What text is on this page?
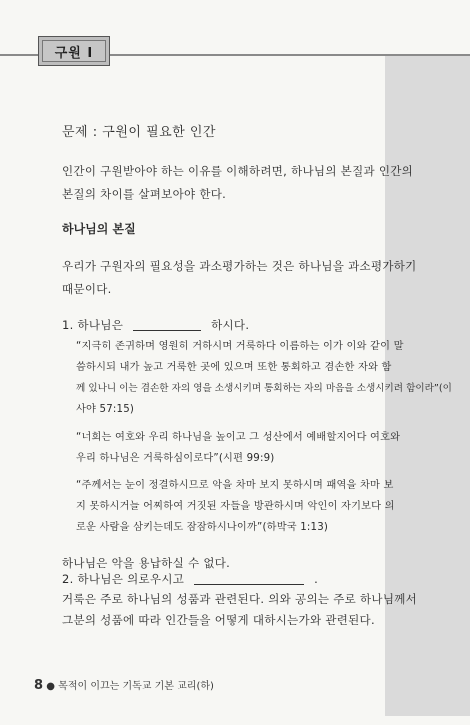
구원 I
문제 : 구원이 필요한 인간
인간이 구원받아야 하는 이유를 이해하려면, 하나님의 본질과 인간의
본질의 차이를 살펴보아야 한다.
하나님의 본질
우리가 구원자의 필요성을 과소평가하는 것은 하나님을 과소평가하기
때문이다.
1. 하나님은	하시다.
“지극히 존귀하며 영원히 거하시며 거룩하다 이름하는 이가 이와 같이 말
씀하시되 내가 높고 거룩한 곳에 있으며 또한 통회하고 겸손한 자와 함
께 있나니 이는 겸손한 자의 영을 소생시키며 통회하는 자의 마음을 소생시키려 함이라”(이
사야 57:15)
“너희는 여호와 우리 하나님을 높이고 그 성산에서 예배할지어다 여호와
우리 하나님은 거룩하심이로다”(시편 99:9)
“주께서는 눈이 정결하시므로 악을 차마 보지 못하시며 패역을 차마 보
지 못하시거늘 어찌하여 거짓된 자들을 방관하시며 악인이 자기보다 의
로운 사람을 삼키는데도 잠잠하시나이까”(하박국 1:13)
하나님은 악을 용납하실 수 없다.
2. 하나님은 의로우시고	.
거룩은 주로 하나님의 성품과 관련된다. 의와 공의는 주로 하나님께서
그분의 성품에 따라 인간들을 어떻게 대하시는가와 관련된다.
8 ● 목적이 이끄는 기독교 기본 교리(하)
